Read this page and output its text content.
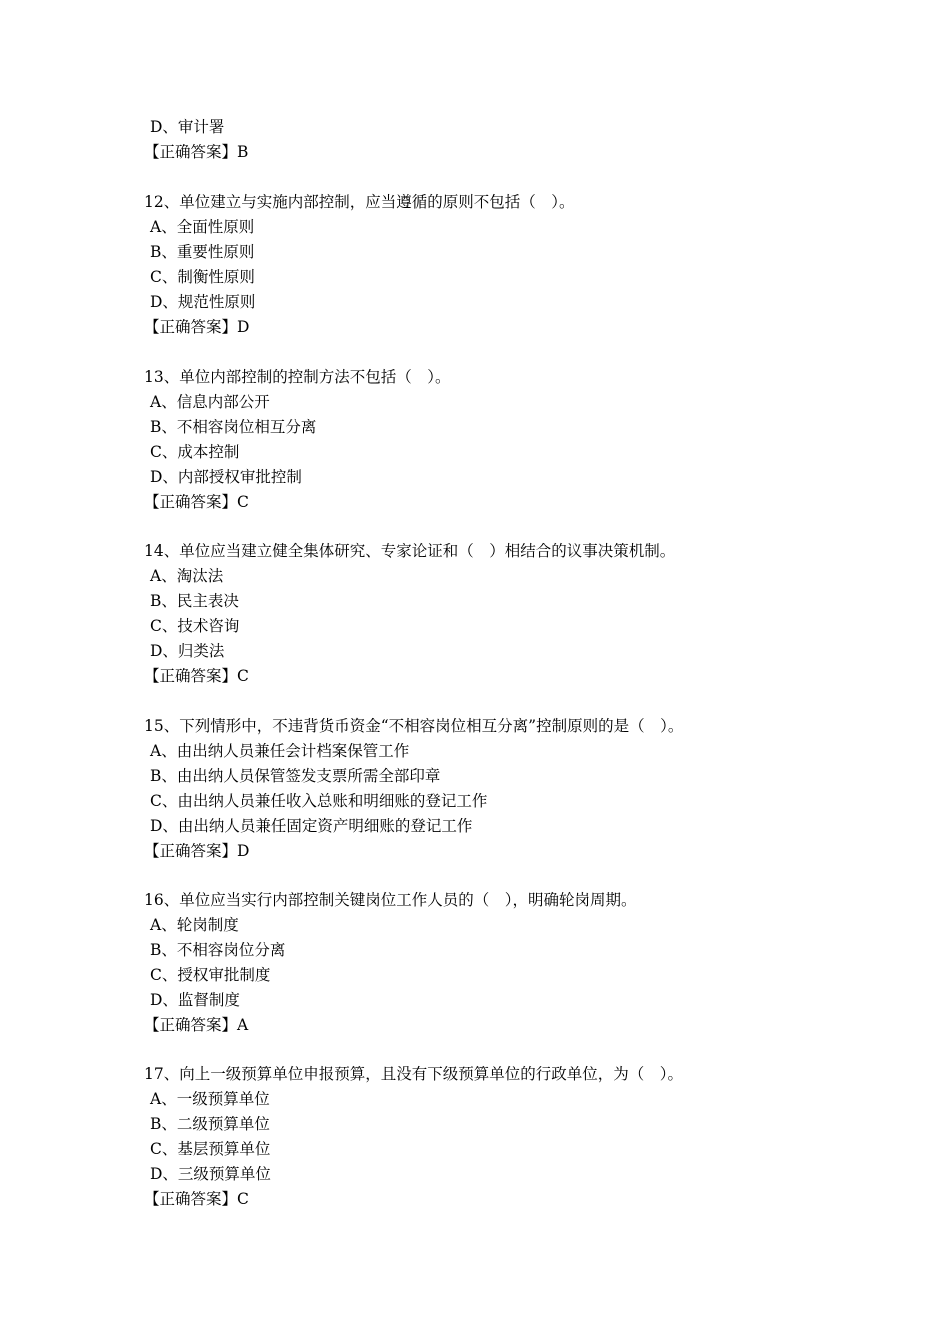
D、审计署
【正确答案】B
12、单位建立与实施内部控制，应当遵循的原则不包括（　）。
A、全面性原则
B、重要性原则
C、制衡性原则
D、规范性原则
【正确答案】D
13、单位内部控制的控制方法不包括（　）。
A、信息内部公开
B、不相容岗位相互分离
C、成本控制
D、内部授权审批控制
【正确答案】C
14、单位应当建立健全集体研究、专家论证和（　）相结合的议事决策机制。
A、淘汰法
B、民主表决
C、技术咨询
D、归类法
【正确答案】C
15、下列情形中，不违背货币资金“不相容岗位相互分离”控制原则的是（　）。
A、由出纳人员兼任会计档案保管工作
B、由出纳人员保管签发支票所需全部印章
C、由出纳人员兼任收入总账和明细账的登记工作
D、由出纳人员兼任固定资产明细账的登记工作
【正确答案】D
16、单位应当实行内部控制关键岗位工作人员的（　），明确轮岗周期。
A、轮岗制度
B、不相容岗位分离
C、授权审批制度
D、监督制度
【正确答案】A
17、向上一级预算单位申报预算，且没有下级预算单位的行政单位，为（　）。
A、一级预算单位
B、二级预算单位
C、基层预算单位
D、三级预算单位
【正确答案】C
